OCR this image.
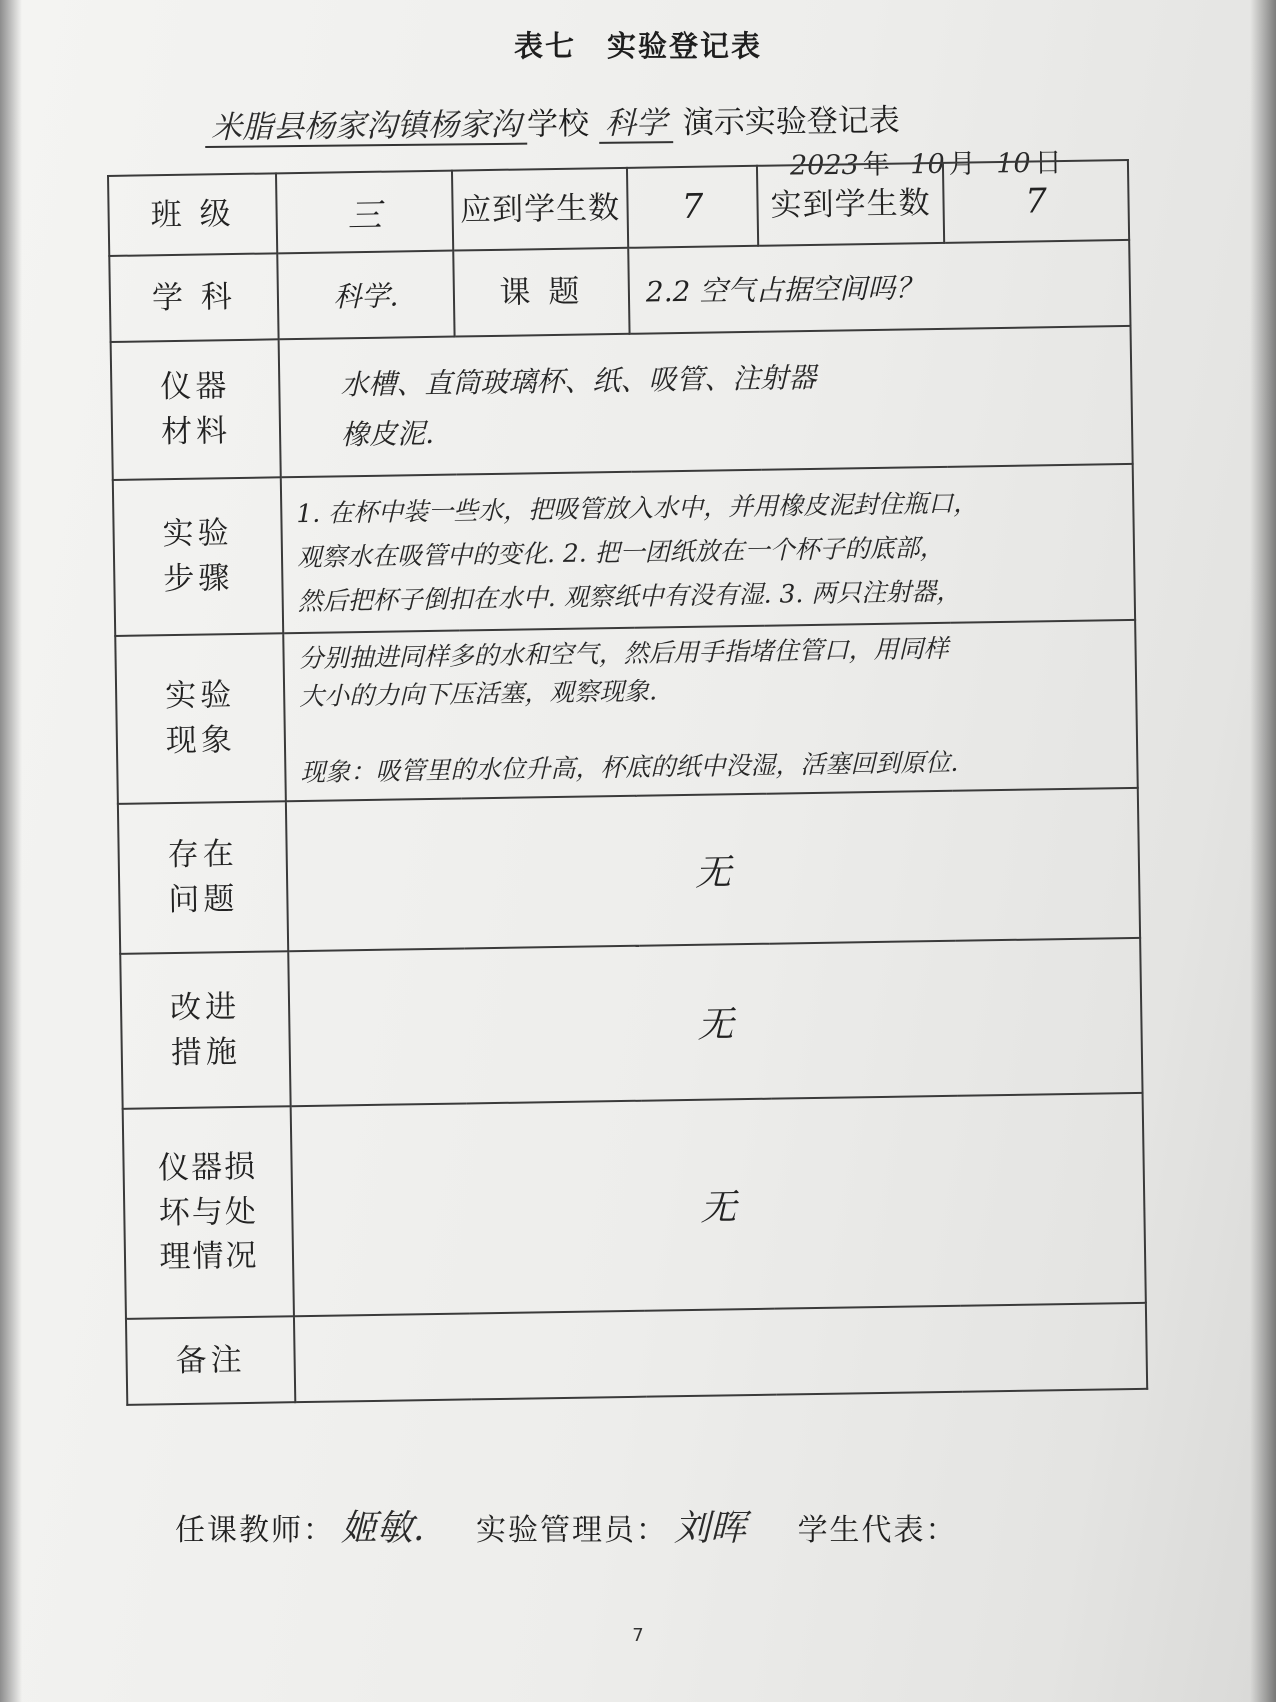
表七　实验登记表
米脂县杨家沟镇杨家沟 学校 科学 演示实验登记表
2023 年 10 月 10 日
班 级	三	应到学生数	7	实到学生数	7
学 科	科学.	课 题	2.2 空气占据空间吗？		
仪器
材料	水槽、直筒玻璃杯、纸、吸管、注射器
橡皮泥.				

实验
步骤	1. 在杯中装一些水，把吸管放入水中，并用橡皮泥封住瓶口，
观察水在吸管中的变化. 2. 把一团纸放在一个杯子的底部，
然后把杯子倒扣在水中. 观察纸中有没有湿. 3. 两只注射器，				

实验
现象	分别抽进同样多的水和空气，然后用手指堵住管口，用同样
大小的力向下压活塞，观察现象.

现象：吸管里的水位升高，杯底的纸中没湿，活塞回到原位.				

存在
问题	无				
改进
措施	无				
仪器损
坏与处
理情况	无				
备注					
任课教师： 姬敏. 实验管理员： 刘晖 学生代表：
7
